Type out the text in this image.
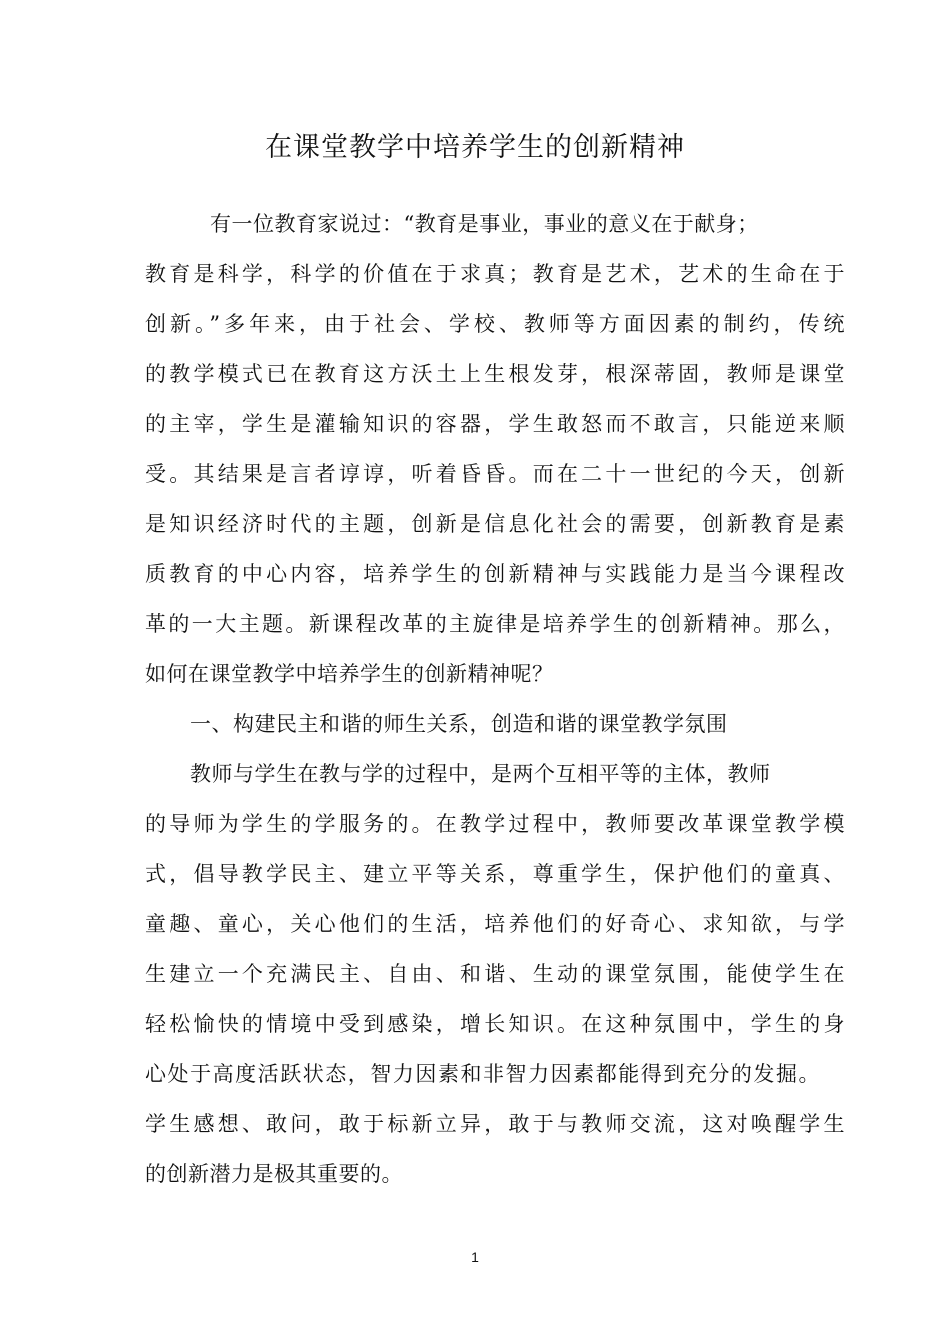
在课堂教学中培养学生的创新精神
有一位教育家说过：“教育是事业，事业的意义在于献身；
教育是科学，科学的价值在于求真；教育是艺术，艺术的生命在于
创新。”多年来，由于社会、学校、教师等方面因素的制约，传统
的教学模式已在教育这方沃土上生根发芽，根深蒂固，教师是课堂
的主宰，学生是灌输知识的容器，学生敢怒而不敢言，只能逆来顺
受。其结果是言者谆谆，听着昏昏。而在二十一世纪的今天，创新
是知识经济时代的主题，创新是信息化社会的需要，创新教育是素
质教育的中心内容，培养学生的创新精神与实践能力是当今课程改
革的一大主题。新课程改革的主旋律是培养学生的创新精神。那么，
如何在课堂教学中培养学生的创新精神呢？
一、构建民主和谐的师生关系，创造和谐的课堂教学氛围
教师与学生在教与学的过程中，是两个互相平等的主体，教师
的导师为学生的学服务的。在教学过程中，教师要改革课堂教学模
式，倡导教学民主、建立平等关系，尊重学生，保护他们的童真、
童趣、童心，关心他们的生活，培养他们的好奇心、求知欲，与学
生建立一个充满民主、自由、和谐、生动的课堂氛围，能使学生在
轻松愉快的情境中受到感染，增长知识。在这种氛围中，学生的身
心处于高度活跃状态，智力因素和非智力因素都能得到充分的发掘。
学生感想、敢问，敢于标新立异，敢于与教师交流，这对唤醒学生
的创新潜力是极其重要的。
1
